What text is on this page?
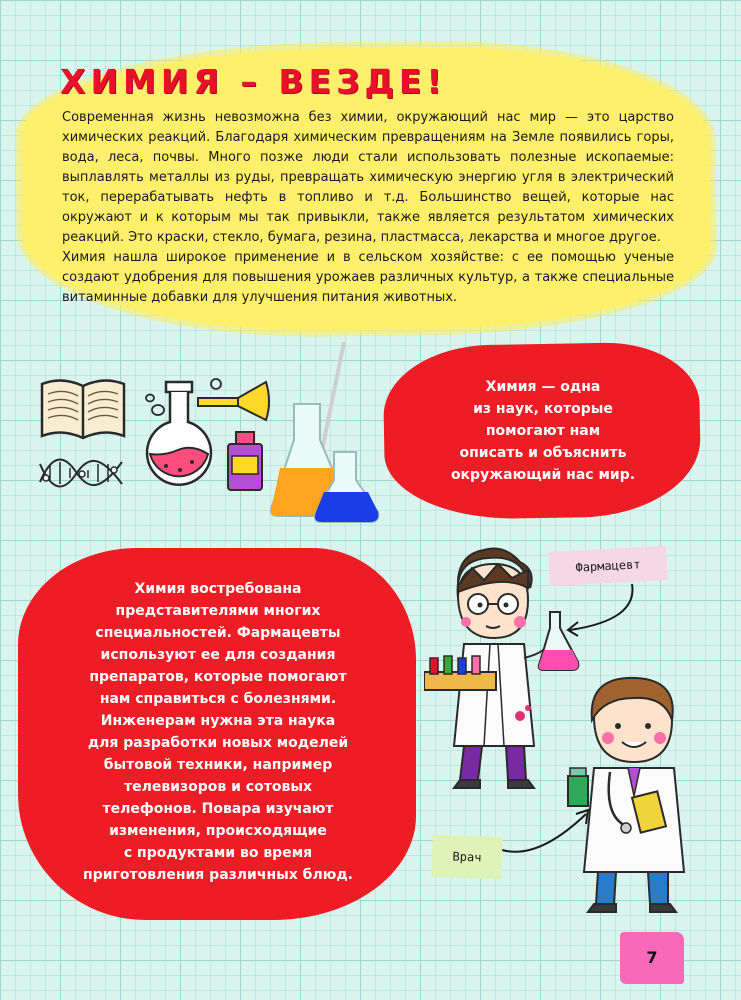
ХИМИЯ – ВЕЗДЕ!

Современная жизнь невозможна без химии, окружающий нас мир — это царство химических реакций. Благодаря химическим превращениям на Земле появились горы, вода, леса, почвы. Много позже люди стали использовать полезные ископаемые: выплавлять металлы из руды, превращать химическую энергию угля в электрический ток, перерабатывать нефть в топливо и т.д. Большинство вещей, которые нас окружают и к которым мы так привыкли, также является результатом химических реакций. Это краски, стекло, бумага, резина, пластмасса, лекарства и многое другое.

Химия нашла широкое применение и в сельском хозяйстве: с ее помощью ученые создают удобрения для повышения урожаев различных культур, а также специальные витаминные добавки для улучшения питания животных.

Химия — одна
из наук, которые
помогают нам
описать и объяснить
окружающий нас мир.

Химия востребована
представителями многих
специальностей. Фармацевты
используют ее для создания
препаратов, которые помогают
нам справиться с болезнями.
Инженерам нужна эта наука
для разработки новых моделей
бытовой техники, например
телевизоров и сотовых
телефонов. Повара изучают
изменения, происходящие
с продуктами во время
приготовления различных блюд.

Фармацевт
Врач
7
